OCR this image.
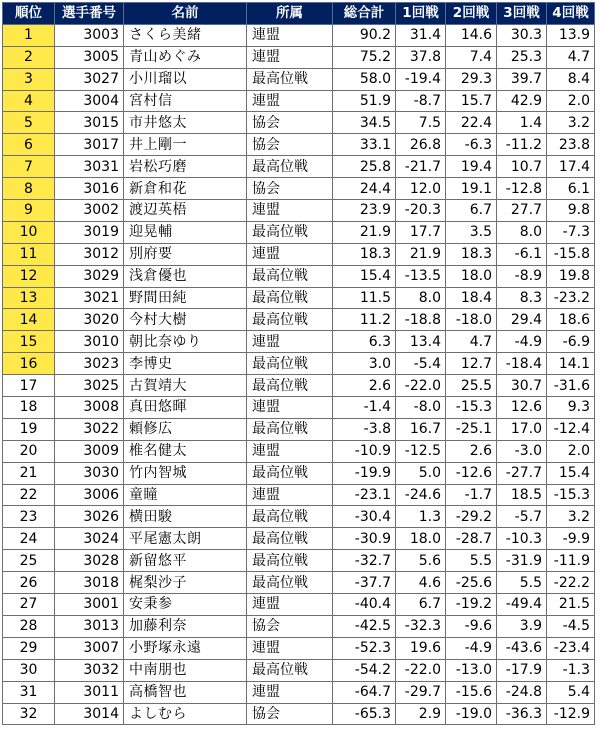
順位	選手番号	名前	所属	総合計	1回戦	2回戦	3回戦	4回戦
1	3003	さくら美緒	連盟	90.2	31.4	14.6	30.3	13.9
2	3005	青山めぐみ	連盟	75.2	37.8	7.4	25.3	4.7
3	3027	小川瑠以	最高位戦	58.0	-19.4	29.3	39.7	8.4
4	3004	宮村信	連盟	51.9	-8.7	15.7	42.9	2.0
5	3015	市井悠太	協会	34.5	7.5	22.4	1.4	3.2
6	3017	井上剛一	協会	33.1	26.8	-6.3	-11.2	23.8
7	3031	岩松巧磨	最高位戦	25.8	-21.7	19.4	10.7	17.4
8	3016	新倉和花	協会	24.4	12.0	19.1	-12.8	6.1
9	3002	渡辺英梧	連盟	23.9	-20.3	6.7	27.7	9.8
10	3019	迎晃輔	最高位戦	21.9	17.7	3.5	8.0	-7.3
11	3012	別府要	連盟	18.3	21.9	18.3	-6.1	-15.8
12	3029	浅倉優也	最高位戦	15.4	-13.5	18.0	-8.9	19.8
13	3021	野間田純	最高位戦	11.5	8.0	18.4	8.3	-23.2
14	3020	今村大樹	最高位戦	11.2	-18.8	-18.0	29.4	18.6
15	3010	朝比奈ゆり	連盟	6.3	13.4	4.7	-4.9	-6.9
16	3023	李博史	最高位戦	3.0	-5.4	12.7	-18.4	14.1
17	3025	古賀靖大	最高位戦	2.6	-22.0	25.5	30.7	-31.6
18	3008	真田悠暉	連盟	-1.4	-8.0	-15.3	12.6	9.3
19	3022	頼修広	最高位戦	-3.8	16.7	-25.1	17.0	-12.4
20	3009	椎名健太	連盟	-10.9	-12.5	2.6	-3.0	2.0
21	3030	竹内智城	最高位戦	-19.9	5.0	-12.6	-27.7	15.4
22	3006	童瞳	連盟	-23.1	-24.6	-1.7	18.5	-15.3
23	3026	横田駿	最高位戦	-30.4	1.3	-29.2	-5.7	3.2
24	3024	平尾憲太朗	最高位戦	-30.9	18.0	-28.7	-10.3	-9.9
25	3028	新留悠平	最高位戦	-32.7	5.6	5.5	-31.9	-11.9
26	3018	梶梨沙子	最高位戦	-37.7	4.6	-25.6	5.5	-22.2
27	3001	安秉参	連盟	-40.4	6.7	-19.2	-49.4	21.5
28	3013	加藤利奈	協会	-42.5	-32.3	-9.6	3.9	-4.5
29	3007	小野塚永遠	連盟	-52.3	19.6	-4.9	-43.6	-23.4
30	3032	中南朋也	最高位戦	-54.2	-22.0	-13.0	-17.9	-1.3
31	3011	高橋智也	連盟	-64.7	-29.7	-15.6	-24.8	5.4
32	3014	よしむら	協会	-65.3	2.9	-19.0	-36.3	-12.9
